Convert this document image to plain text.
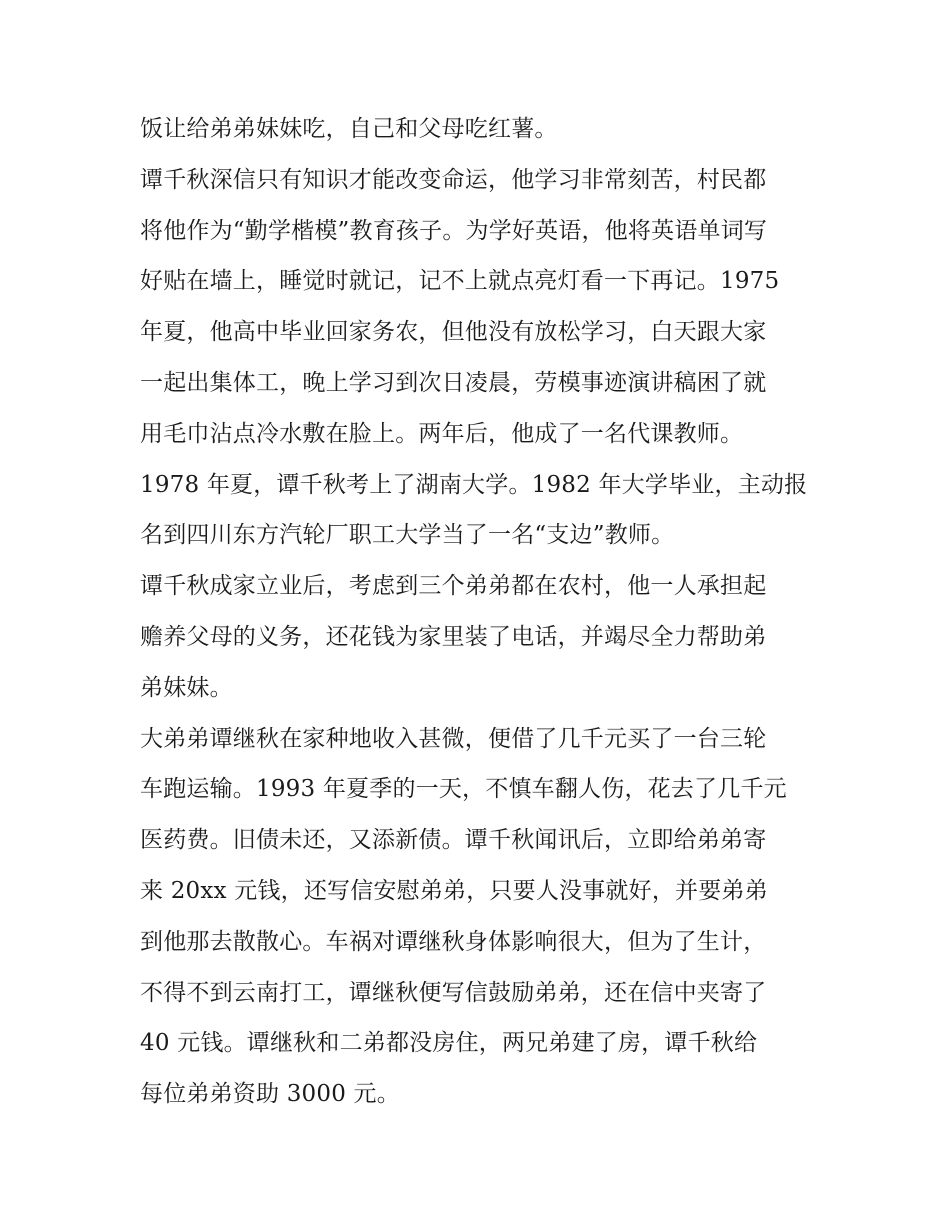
饭让给弟弟妹妹吃，自己和父母吃红薯。
谭千秋深信只有知识才能改变命运，他学习非常刻苦，村民都
将他作为“勤学楷模”教育孩子。为学好英语，他将英语单词写
好贴在墙上，睡觉时就记，记不上就点亮灯看一下再记。1975
年夏，他高中毕业回家务农，但他没有放松学习，白天跟大家
一起出集体工，晚上学习到次日凌晨，劳模事迹演讲稿困了就
用毛巾沾点冷水敷在脸上。两年后，他成了一名代课教师。
1978 年夏，谭千秋考上了湖南大学。1982 年大学毕业，主动报
名到四川东方汽轮厂职工大学当了一名“支边”教师。
谭千秋成家立业后，考虑到三个弟弟都在农村，他一人承担起
赡养父母的义务，还花钱为家里装了电话，并竭尽全力帮助弟
弟妹妹。
大弟弟谭继秋在家种地收入甚微，便借了几千元买了一台三轮
车跑运输。1993 年夏季的一天，不慎车翻人伤，花去了几千元
医药费。旧债未还，又添新债。谭千秋闻讯后，立即给弟弟寄
来 20xx 元钱，还写信安慰弟弟，只要人没事就好，并要弟弟
到他那去散散心。车祸对谭继秋身体影响很大，但为了生计，
不得不到云南打工，谭继秋便写信鼓励弟弟，还在信中夹寄了
40 元钱。谭继秋和二弟都没房住，两兄弟建了房，谭千秋给
每位弟弟资助 3000 元。
